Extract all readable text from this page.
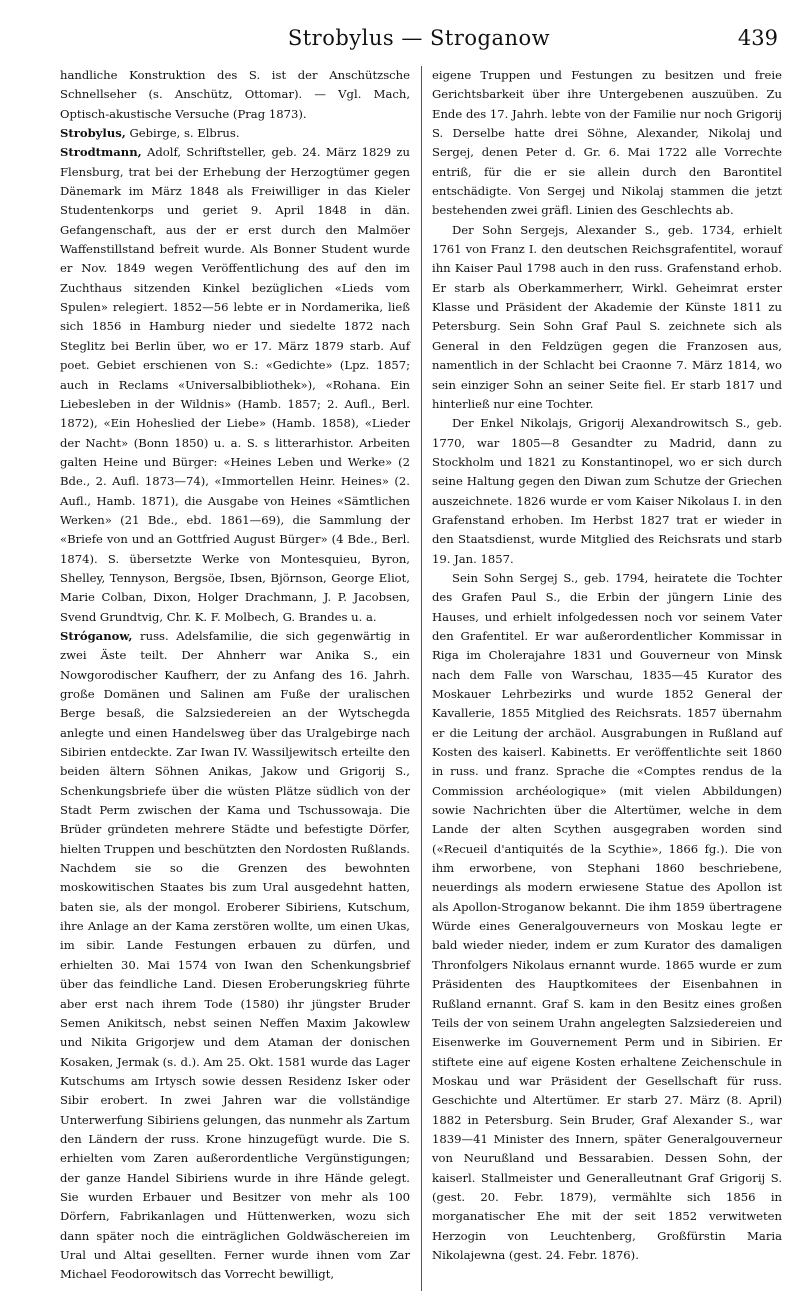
Strobylus — Stroganow	439

handliche Konstruktion des S. ist der Anschützsche Schnellseher (s. Anschütz, Ottomar). — Vgl. Mach, Optisch-akustische Versuche (Prag 1873).

Strobylus, Gebirge, s. Elbrus.

Strodtmann, Adolf, Schriftsteller, geb. 24. März 1829 zu Flensburg, trat bei der Erhebung der Herzogtümer gegen Dänemark im März 1848 als Freiwilliger in das Kieler Studentenkorps und geriet 9. April 1848 in dän. Gefangenschaft, aus der er erst durch den Malmöer Waffenstillstand befreit wurde. Als Bonner Student wurde er Nov. 1849 wegen Veröffentlichung des auf den im Zuchthaus sitzenden Kinkel bezüglichen «Lieds vom Spulen» relegiert. 1852—56 lebte er in Nordamerika, ließ sich 1856 in Hamburg nieder und siedelte 1872 nach Steglitz bei Berlin über, wo er 17. März 1879 starb. Auf poet. Gebiet erschienen von S.: «Gedichte» (Lpz. 1857; auch in Reclams «Universalbibliothek»), «Rohana. Ein Liebesleben in der Wildnis» (Hamb. 1857; 2. Aufl., Berl. 1872), «Ein Hoheslied der Liebe» (Hamb. 1858), «Lieder der Nacht» (Bonn 1850) u. a. S. s litterarhistor. Arbeiten galten Heine und Bürger: «Heines Leben und Werke» (2 Bde., 2. Aufl. 1873—74), «Immortellen Heinr. Heines» (2. Aufl., Hamb. 1871), die Ausgabe von Heines «Sämtlichen Werken» (21 Bde., ebd. 1861—69), die Sammlung der «Briefe von und an Gottfried August Bürger» (4 Bde., Berl. 1874). S. übersetzte Werke von Montesquieu, Byron, Shelley, Tennyson, Bergsöe, Ibsen, Björnson, George Eliot, Marie Colban, Dixon, Holger Drachmann, J. P. Jacobsen, Svend Grundtvig, Chr. K. F. Molbech, G. Brandes u. a.

Strόganow, russ. Adelsfamilie, die sich gegenwärtig in zwei Äste teilt. Der Ahnherr war Anika S., ein Nowgorodischer Kaufherr, der zu Anfang des 16. Jahrh. große Domänen und Salinen am Fuße der uralischen Berge besaß, die Salzsiedereien an der Wytschegda anlegte und einen Handelsweg über das Uralgebirge nach Sibirien entdeckte. Zar Iwan IV. Wassiljewitsch erteilte den beiden ältern Söhnen Anikas, Jakow und Grigorij S., Schenkungsbriefe über die wüsten Plätze südlich von der Stadt Perm zwischen der Kama und Tschussowaja. Die Brüder gründeten mehrere Städte und befestigte Dörfer, hielten Truppen und beschützten den Nordosten Rußlands. Nachdem sie so die Grenzen des bewohnten moskowitischen Staates bis zum Ural ausgedehnt hatten, baten sie, als der mongol. Eroberer Sibiriens, Kutschum, ihre Anlage an der Kama zerstören wollte, um einen Ukas, im sibir. Lande Festungen erbauen zu dürfen, und erhielten 30. Mai 1574 von Iwan den Schenkungsbrief über das feindliche Land. Diesen Eroberungskrieg führte aber erst nach ihrem Tode (1580) ihr jüngster Bruder Semen Anikitsch, nebst seinen Neffen Maxim Jakowlew und Nikita Grigorjew und dem Ataman der donischen Kosaken, Jermak (s. d.). Am 25. Okt. 1581 wurde das Lager Kutschums am Irtysch sowie dessen Residenz Isker oder Sibir erobert. In zwei Jahren war die vollständige Unterwerfung Sibiriens gelungen, das nunmehr als Zartum den Ländern der russ. Krone hinzugefügt wurde. Die S. erhielten vom Zaren außerordentliche Vergünstigungen; der ganze Handel Sibiriens wurde in ihre Hände gelegt. Sie wurden Erbauer und Besitzer von mehr als 100 Dörfern, Fabrikanlagen und Hüttenwerken, wozu sich dann später noch die einträglichen Goldwäschereien im Ural und Altai gesellten. Ferner wurde ihnen vom Zar Michael Feodorowitsch das Vorrecht bewilligt,

eigene Truppen und Festungen zu besitzen und freie Gerichtsbarkeit über ihre Untergebenen auszuüben. Zu Ende des 17. Jahrh. lebte von der Familie nur noch Grigorij S. Derselbe hatte drei Söhne, Alexander, Nikolaj und Sergej, denen Peter d. Gr. 6. Mai 1722 alle Vorrechte entriß, für die er sie allein durch den Barontitel entschädigte. Von Sergej und Nikolaj stammen die jetzt bestehenden zwei gräfl. Linien des Geschlechts ab.

Der Sohn Sergejs, Alexander S., geb. 1734, erhielt 1761 von Franz I. den deutschen Reichsgrafentitel, worauf ihn Kaiser Paul 1798 auch in den russ. Grafenstand erhob. Er starb als Oberkammerherr, Wirkl. Geheimrat erster Klasse und Präsident der Akademie der Künste 1811 zu Petersburg. Sein Sohn Graf Paul S. zeichnete sich als General in den Feldzügen gegen die Franzosen aus, namentlich in der Schlacht bei Craonne 7. März 1814, wo sein einziger Sohn an seiner Seite fiel. Er starb 1817 und hinterließ nur eine Tochter.

Der Enkel Nikolajs, Grigorij Alexandrowitsch S., geb. 1770, war 1805—8 Gesandter zu Madrid, dann zu Stockholm und 1821 zu Konstantinopel, wo er sich durch seine Haltung gegen den Diwan zum Schutze der Griechen auszeichnete. 1826 wurde er vom Kaiser Nikolaus I. in den Grafenstand erhoben. Im Herbst 1827 trat er wieder in den Staatsdienst, wurde Mitglied des Reichsrats und starb 19. Jan. 1857.

Sein Sohn Sergej S., geb. 1794, heiratete die Tochter des Grafen Paul S., die Erbin der jüngern Linie des Hauses, und erhielt infolgedessen noch vor seinem Vater den Grafentitel. Er war außerordentlicher Kommissar in Riga im Cholerajahre 1831 und Gouverneur von Minsk nach dem Falle von Warschau, 1835—45 Kurator des Moskauer Lehrbezirks und wurde 1852 General der Kavallerie, 1855 Mitglied des Reichsrats. 1857 übernahm er die Leitung der archäol. Ausgrabungen in Rußland auf Kosten des kaiserl. Kabinetts. Er veröffentlichte seit 1860 in russ. und franz. Sprache die «Comptes rendus de la Commission archéologique» (mit vielen Abbildungen) sowie Nachrichten über die Altertümer, welche in dem Lande der alten Scythen ausgegraben worden sind («Recueil d'antiquités de la Scythie», 1866 fg.). Die von ihm erworbene, von Stephani 1860 beschriebene, neuerdings als modern erwiesene Statue des Apollon ist als Apollon-Stroganow bekannt. Die ihm 1859 übertragene Würde eines Generalgouverneurs von Moskau legte er bald wieder nieder, indem er zum Kurator des damaligen Thronfolgers Nikolaus ernannt wurde. 1865 wurde er zum Präsidenten des Hauptkomitees der Eisenbahnen in Rußland ernannt. Graf S. kam in den Besitz eines großen Teils der von seinem Urahn angelegten Salzsiedereien und Eisenwerke im Gouvernement Perm und in Sibirien. Er stiftete eine auf eigene Kosten erhaltene Zeichenschule in Moskau und war Präsident der Gesellschaft für russ. Geschichte und Altertümer. Er starb 27. März (8. April) 1882 in Petersburg. Sein Bruder, Graf Alexander S., war 1839—41 Minister des Innern, später Generalgouverneur von Neurußland und Bessarabien. Dessen Sohn, der kaiserl. Stallmeister und Generalleutnant Graf Grigorij S. (gest. 20. Febr. 1879), vermählte sich 1856 in morganatischer Ehe mit der seit 1852 verwitweten Herzogin von Leuchtenberg, Großfürstin Maria Nikolajewna (gest. 24. Febr. 1876).
